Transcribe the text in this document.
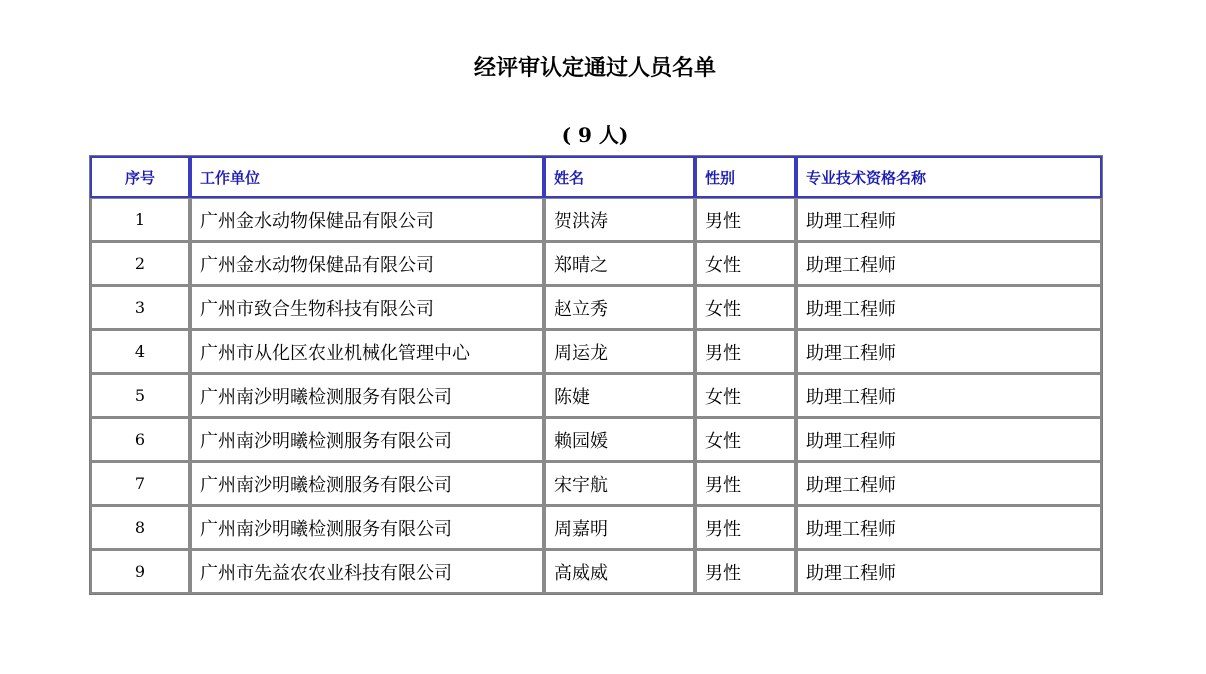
经评审认定通过人员名单
( 9 人)
序号	工作单位	姓名	性别	专业技术资格名称
1	广州金水动物保健品有限公司	贺洪涛	男性	助理工程师
2	广州金水动物保健品有限公司	郑晴之	女性	助理工程师
3	广州市致合生物科技有限公司	赵立秀	女性	助理工程师
4	广州市从化区农业机械化管理中心	周运龙	男性	助理工程师
5	广州南沙明曦检测服务有限公司	陈婕	女性	助理工程师
6	广州南沙明曦检测服务有限公司	赖园媛	女性	助理工程师
7	广州南沙明曦检测服务有限公司	宋宇航	男性	助理工程师
8	广州南沙明曦检测服务有限公司	周嘉明	男性	助理工程师
9	广州市先益农农业科技有限公司	高威威	男性	助理工程师
